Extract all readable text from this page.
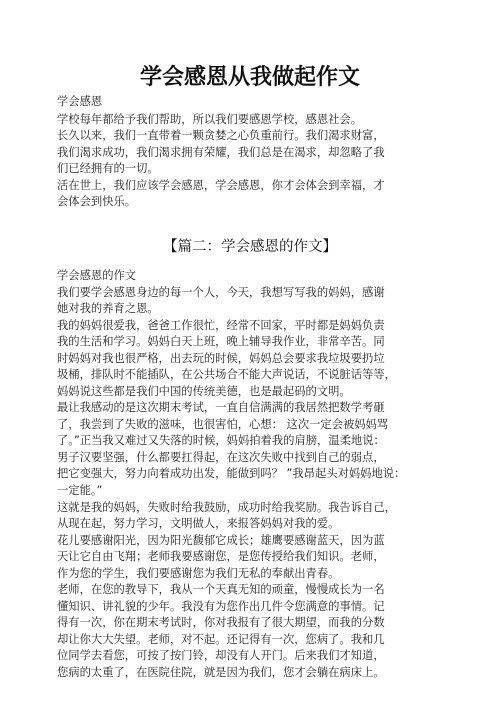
学会感恩从我做起作文
学会感恩
学校每年都给予我们帮助，所以我们要感恩学校，感恩社会。
长久以来，我们一直带着一颗贪婪之心负重前行。我们渴求财富，
我们渴求成功，我们渴求拥有荣耀，我们总是在渴求，却忽略了我
们已经拥有的一切。
活在世上，我们应该学会感恩，学会感恩，你才会体会到幸福，才
会体会到快乐。
【篇二：学会感恩的作文】
学会感恩的作文
我们要学会感恩身边的每一个人，今天，我想写写我的妈妈，感谢
她对我的养育之恩。
我的妈妈很爱我，爸爸工作很忙，经常不回家，平时都是妈妈负责
我的生活和学习。妈妈白天上班，晚上辅导我作业，非常辛苦。同
时妈妈对我也很严格，出去玩的时候，妈妈总会要求我垃圾要扔垃
圾桶，排队时不能插队，在公共场合不能大声说话，不说脏话等等，
妈妈说这些都是我们中国的传统美德，也是最起码的文明。
最让我感动的是这次期末考试，一直自信满满的我居然把数学考砸
了，我尝到了失败的滋味，也很害怕，心想： 这次一定会被妈妈骂
了。”正当我又难过又失落的时候，妈妈拍着我的肩膀，温柔地说：
男子汉要坚强，什么都要扛得起，在这次失败中找到自己的弱点，
把它变强大，努力向着成功出发，能做到吗？ ”我昂起头对妈妈地说：
一定能。”
这就是我的妈妈，失败时给我鼓励，成功时给我奖励。我告诉自己，
从现在起，努力学习，文明做人，来报答妈妈对我的爱。
花儿要感谢阳光，因为阳光馥郁它成长；雄鹰要感谢蓝天，因为蓝
天让它自由飞翔；老师我要感谢您，是您传授给我们知识。老师，
作为您的学生，我们要感谢您为我们无私的奉献出青春。
老师，在您的教导下，我从一个天真无知的顽童，慢慢成长为一名
懂知识、讲礼貌的少年。我没有为您作出几件令您满意的事情。记
得有一次，你在期末考试时，你对我报有了很大期望，而我的分数
却让你大大失望。老师，对不起。还记得有一次，您病了。我和几
位同学去看您，可按了按门铃，却没有人开门。后来我们才知道，
您病的太重了，在医院住院，就是因为我们，您才会躺在病床上。
